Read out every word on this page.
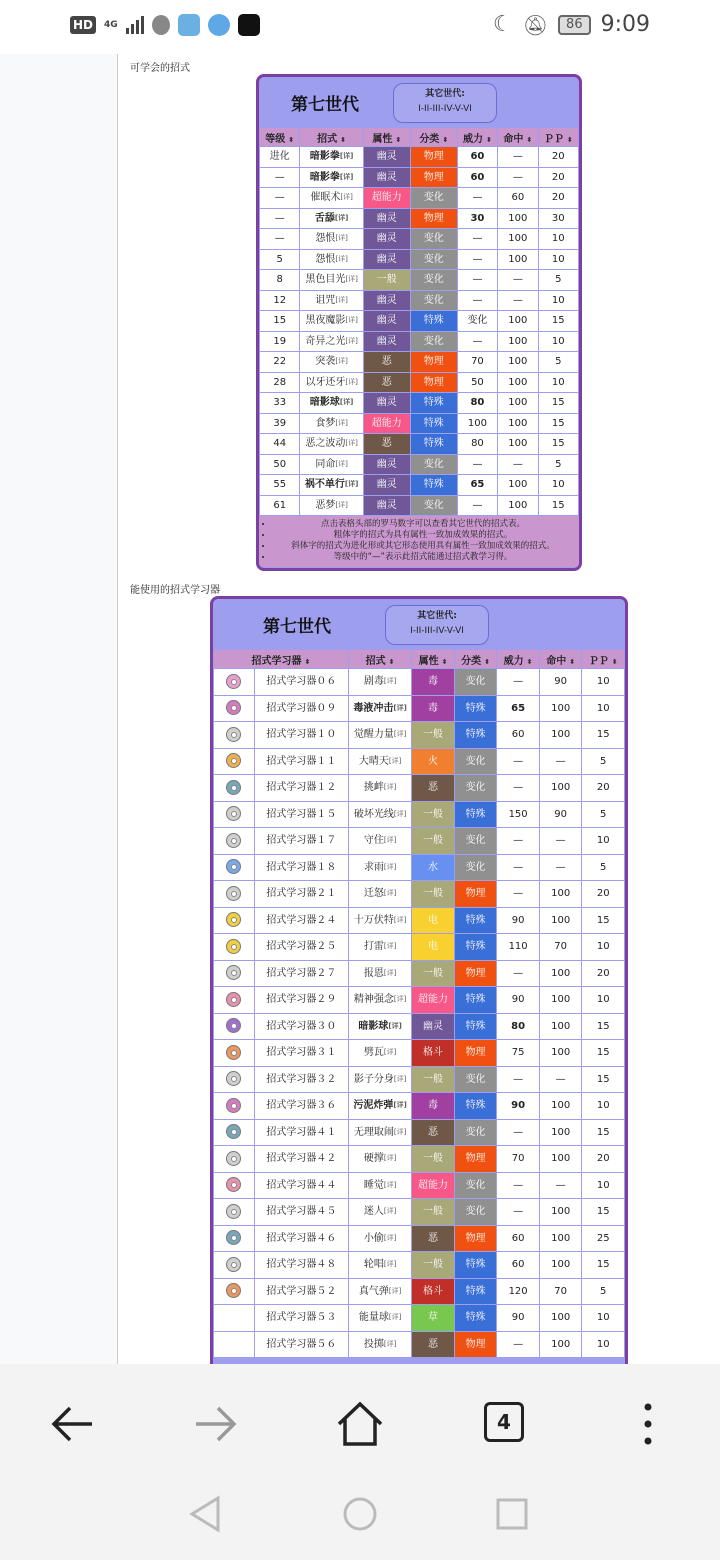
HD	4G	☾ 🔕︎	86 9:09
可学会的招式
第七世代
其它世代:
I-II-III-IV-V-VI
等级 ⬍	招式 ⬍	属性 ⬍	分类 ⬍	威力 ⬍	命中 ⬍	ＰＰ ⬍
进化	暗影拳[详]	幽灵	物理	60	—	20
—	暗影拳[详]	幽灵	物理	60	—	20
—	催眠术[详]	超能力	变化	—	60	20
—	舌舔[详]	幽灵	物理	30	100	30
—	怨恨[详]	幽灵	变化	—	100	10
5	怨恨[详]	幽灵	变化	—	100	10
8	黑色目光[详]	一般	变化	—	—	5
12	诅咒[详]	幽灵	变化	—	—	10
15	黑夜魔影[详]	幽灵	特殊	变化	100	15
19	奇异之光[详]	幽灵	变化	—	100	10
22	突袭[详]	恶	物理	70	100	5
28	以牙还牙[详]	恶	物理	50	100	10
33	暗影球[详]	幽灵	特殊	80	100	15
39	食梦[详]	超能力	特殊	100	100	15
44	恶之波动[详]	恶	特殊	80	100	15
50	同命[详]	幽灵	变化	—	—	5
55	祸不单行[详]	幽灵	特殊	65	100	10
61	恶梦[详]	幽灵	变化	—	100	15
• 点击表格头部的罗马数字可以查看其它世代的招式表。
• 粗体字的招式为具有属性一致加成效果的招式。
• 斜体字的招式为进化形或其它形态使用具有属性一致加成效果的招式。
• 等级中的“—”表示此招式能通过招式教学习得。
能使用的招式学习器
第七世代
其它世代:
I-II-III-IV-V-VI
招式学习器 ⬍		招式 ⬍	属性 ⬍	分类 ⬍	威力 ⬍	命中 ⬍	ＰＰ ⬍
	招式学习器０６	剧毒[详]	毒	变化	—	90	10
	招式学习器０９	毒液冲击[详]	毒	特殊	65	100	10
	招式学习器１０	觉醒力量[详]	一般	特殊	60	100	15
	招式学习器１１	大晴天[详]	火	变化	—	—	5
	招式学习器１２	挑衅[详]	恶	变化	—	100	20
	招式学习器１５	破坏光线[详]	一般	特殊	150	90	5
	招式学习器１７	守住[详]	一般	变化	—	—	10
	招式学习器１８	求雨[详]	水	变化	—	—	5
	招式学习器２１	迁怒[详]	一般	物理	—	100	20
	招式学习器２４	十万伏特[详]	电	特殊	90	100	15
	招式学习器２５	打雷[详]	电	特殊	110	70	10
	招式学习器２７	报恩[详]	一般	物理	—	100	20
	招式学习器２９	精神强念[详]	超能力	特殊	90	100	10
	招式学习器３０	暗影球[详]	幽灵	特殊	80	100	15
	招式学习器３１	劈瓦[详]	格斗	物理	75	100	15
	招式学习器３２	影子分身[详]	一般	变化	—	—	15
	招式学习器３６	污泥炸弹[详]	毒	特殊	90	100	10
	招式学习器４１	无理取闹[详]	恶	变化	—	100	15
	招式学习器４２	硬撑[详]	一般	物理	70	100	20
	招式学习器４４	睡觉[详]	超能力	变化	—	—	10
	招式学习器４５	迷人[详]	一般	变化	—	100	15
	招式学习器４６	小偷[详]	恶	物理	60	100	25
	招式学习器４８	轮唱[详]	一般	特殊	60	100	15
	招式学习器５２	真气弹[详]	格斗	特殊	120	70	5
	招式学习器５３	能量球[详]	草	特殊	90	100	10
	招式学习器５６	投掷[详]	恶	物理	—	100	10
4
